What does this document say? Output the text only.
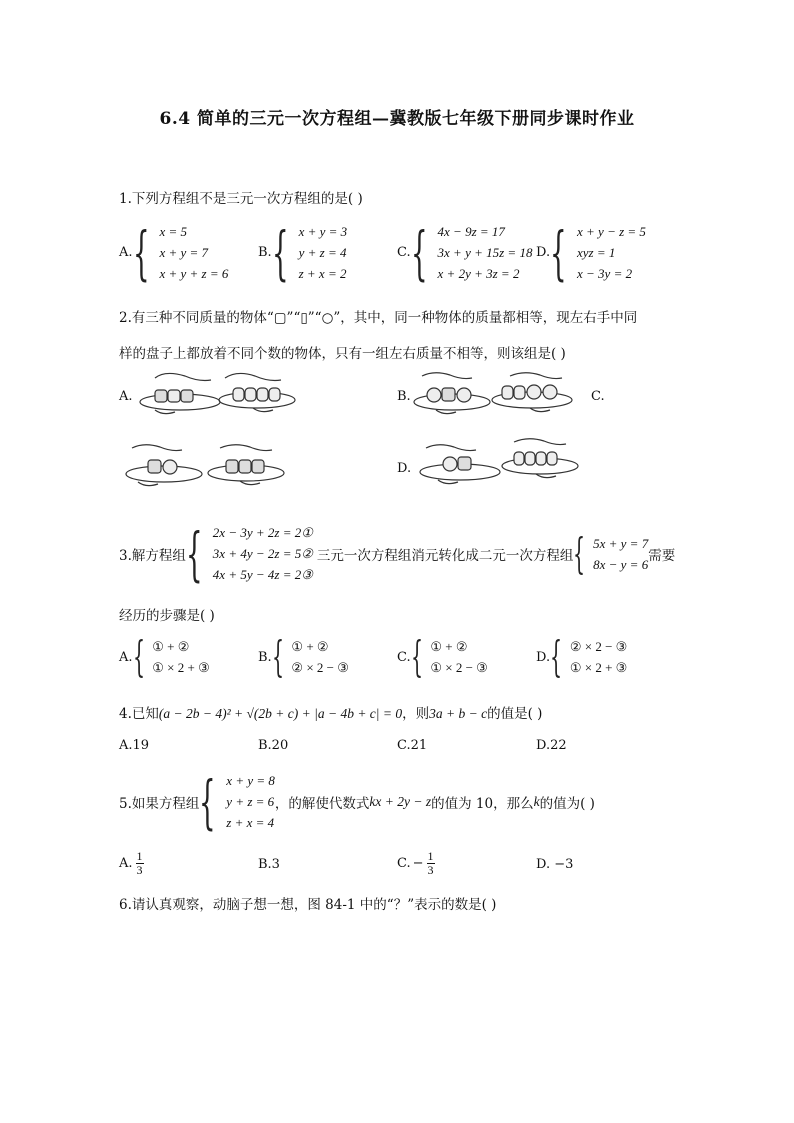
6.4 简单的三元一次方程组—冀教版七年级下册同步课时作业
1.下列方程组不是三元一次方程组的是( )
A. { x = 5
x + y = 7
x + y + z = 6
B. { x + y = 3
y + z = 4
z + x = 2
C. { 4x − 9z = 17
3x + y + 15z = 18
x + 2y + 3z = 2
D. { x + y − z = 5
xyz = 1
x − 3y = 2
2.有三种不同质量的物体“▢”“▯”“○”，其中，同一种物体的质量都相等，现左右手中同
样的盘子上都放着不同个数的物体，只有一组左右质量不相等，则该组是( )
A.	B.	C.
D.
3.解方程组 { 2x − 3y + 2z = 2①
3x + 4y − 2z = 5②
4x + 5y − 4z = 2③
三元一次方程组消元转化成二元一次方程组 { 5x + y = 7
8x − y = 6
需要
经历的步骤是( )
A. { ① + ②
① × 2 + ③
B. { ① + ②
② × 2 − ③
C. { ① + ②
① × 2 − ③
D. { ② × 2 − ③
① × 2 + ③
4.已知(a − 2b − 4)² + √(2b + c) + |a − 4b + c| = 0，则3a + b − c的值是( )
A.19	B.20	C.21	D.22
5.如果方程组 { x + y = 8
y + z = 6
z + x = 4
，的解使代数式 kx + 2y − z 的值为 10，那么 k 的值为( )
A. $\frac{1}{3}$	B.3	C. − $\frac{1}{3}$	D. −3
6.请认真观察，动脑子想一想，图 84-1 中的“？”表示的数是( )
